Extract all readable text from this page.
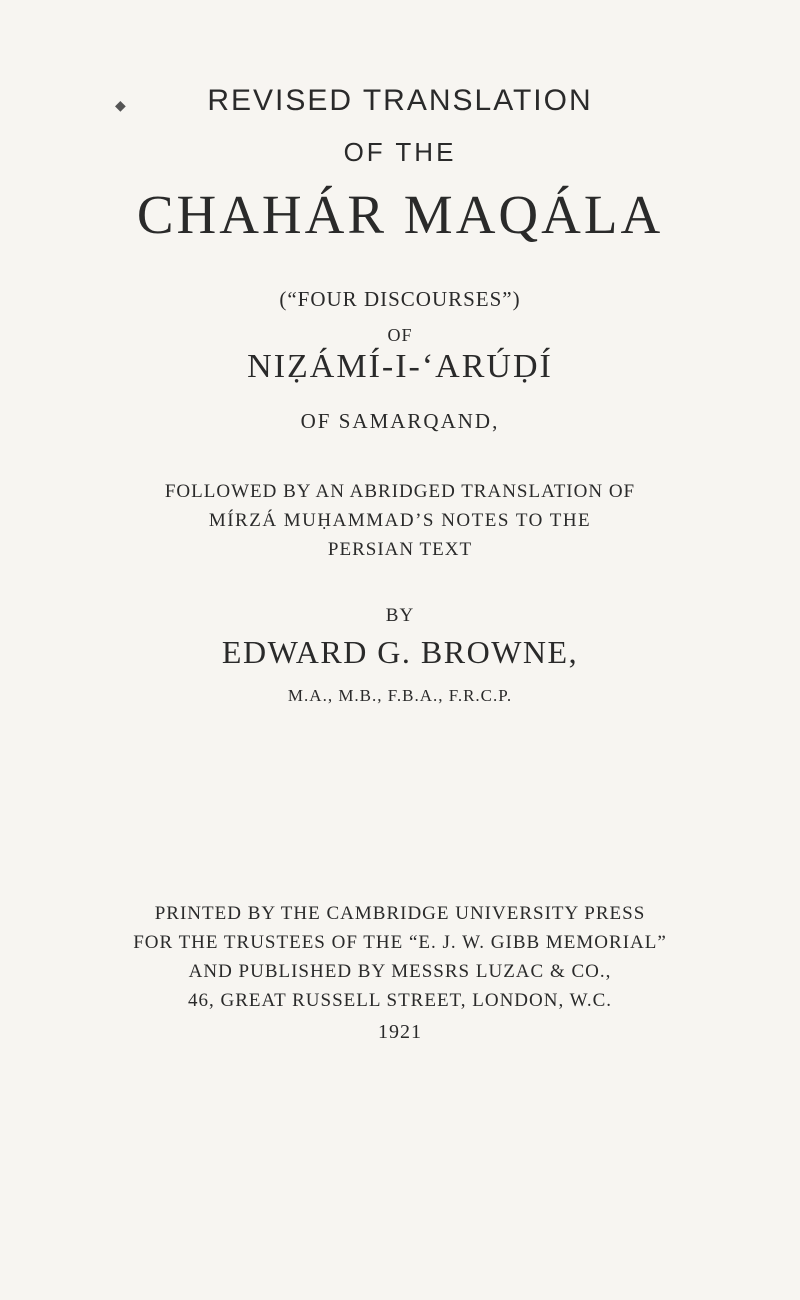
◆	REVISED TRANSLATION
OF THE
CHAHÁR MAQÁLA
(“FOUR DISCOURSES”)
OF
NIẒÁMÍ-I-‘ARÚḌÍ
OF SAMARQAND,
FOLLOWED BY AN ABRIDGED TRANSLATION OF
MÍRZÁ MUḤAMMAD’S NOTES TO THE
PERSIAN TEXT
BY
EDWARD G. BROWNE,
M.A., M.B., F.B.A., F.R.C.P.
PRINTED BY THE CAMBRIDGE UNIVERSITY PRESS
FOR THE TRUSTEES OF THE “E. J. W. GIBB MEMORIAL”
AND PUBLISHED BY MESSRS LUZAC & CO.,
46, GREAT RUSSELL STREET, LONDON, W.C.
1921
